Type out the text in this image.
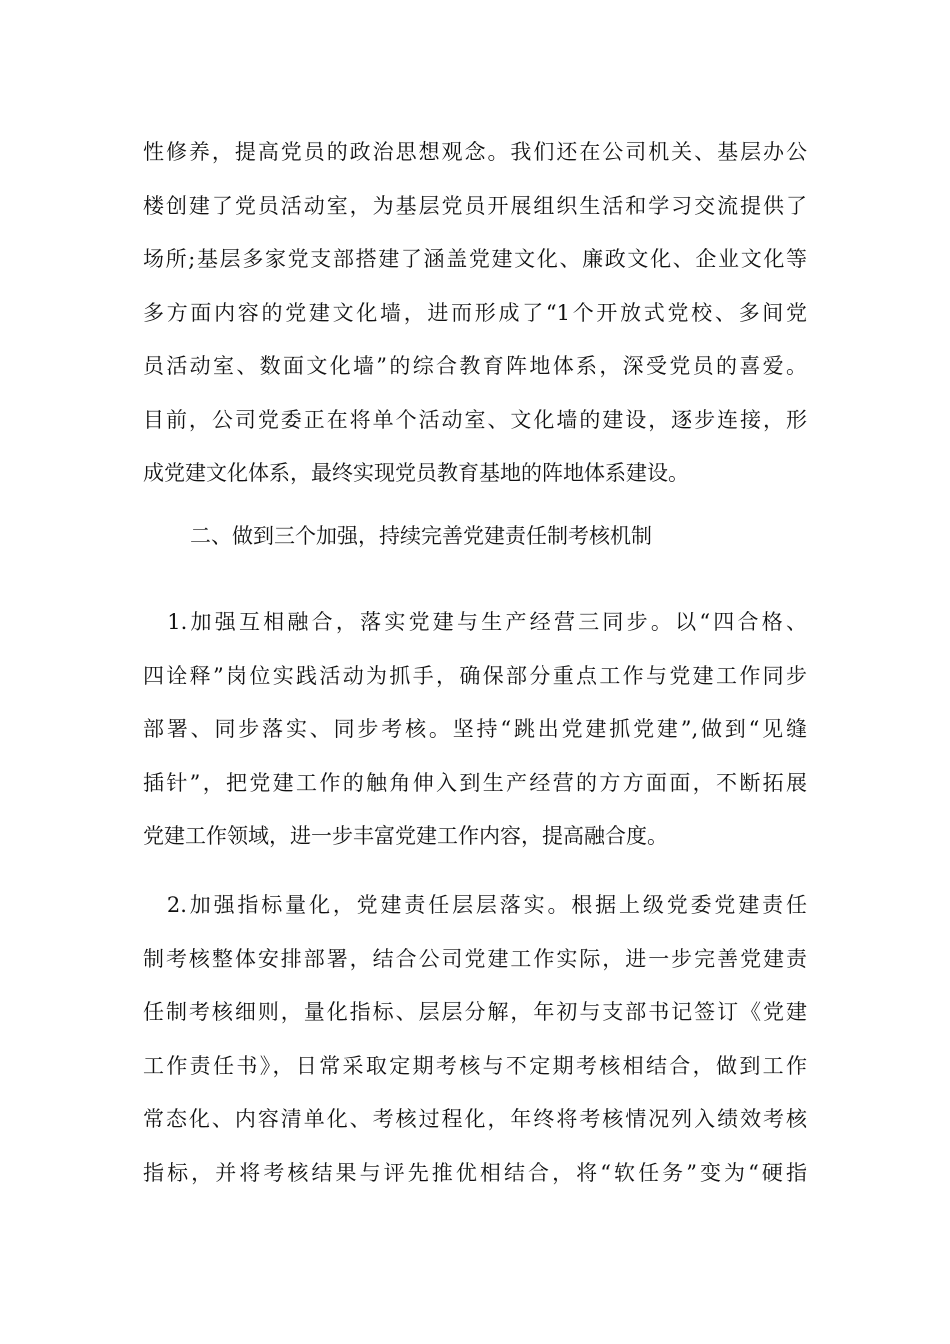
性修养，提高党员的政治思想观念。我们还在公司机关、基层办公
楼创建了党员活动室，为基层党员开展组织生活和学习交流提供了
场所;基层多家党支部搭建了涵盖党建文化、廉政文化、企业文化等
多方面内容的党建文化墙，进而形成了“1个开放式党校、多间党
员活动室、数面文化墙”的综合教育阵地体系，深受党员的喜爱。
目前，公司党委正在将单个活动室、文化墙的建设，逐步连接，形
成党建文化体系，最终实现党员教育基地的阵地体系建设。

二、做到三个加强，持续完善党建责任制考核机制

　1.加强互相融合，落实党建与生产经营三同步。以“四合格、
四诠释”岗位实践活动为抓手，确保部分重点工作与党建工作同步
部署、同步落实、同步考核。坚持“跳出党建抓党建”,做到“见缝
插针”，把党建工作的触角伸入到生产经营的方方面面，不断拓展
党建工作领域，进一步丰富党建工作内容，提高融合度。

　2.加强指标量化，党建责任层层落实。根据上级党委党建责任
制考核整体安排部署，结合公司党建工作实际，进一步完善党建责
任制考核细则，量化指标、层层分解，年初与支部书记签订《党建
工作责任书》，日常采取定期考核与不定期考核相结合，做到工作
常态化、内容清单化、考核过程化，年终将考核情况列入绩效考核
指标，并将考核结果与评先推优相结合，将“软任务”变为“硬指
